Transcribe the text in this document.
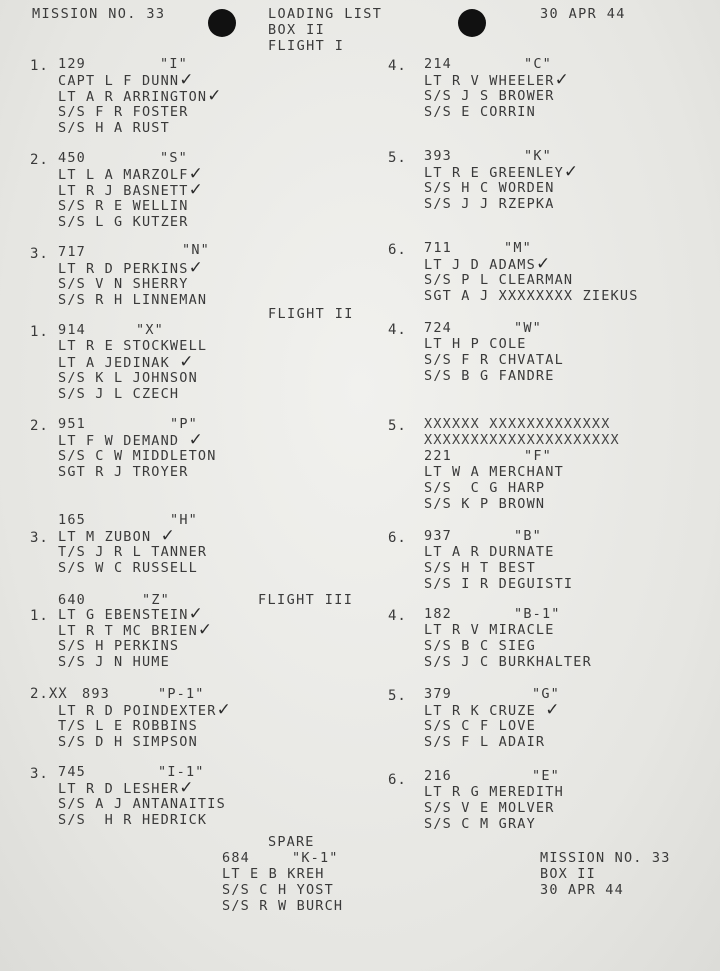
MISSION NO. 33	LOADING LIST
BOX II
FLIGHT I
30 APR 44
FLIGHT II
FLIGHT III
1. 129	"I"
CAPT L F DUNN✓
LT A R ARRINGTON✓
S/S F R FOSTER
S/S H A RUST
2. 450	"S"
LT L A MARZOLF✓
LT R J BASNETT✓
S/S R E WELLIN
S/S L G KUTZER
3. 717	"N"
LT R D PERKINS✓
S/S V N SHERRY
S/S R H LINNEMAN
4. 214	"C"
LT R V WHEELER✓
S/S J S BROWER
S/S E CORRIN
5. 393	"K"
LT R E GREENLEY✓
S/S H C WORDEN
S/S J J RZEPKA
6. 711	"M"
LT J D ADAMS✓
S/S P L CLEARMAN
SGT A J XXXXXXXX ZIEKUS
1. 914	"X"
LT R E STOCKWELL
LT A JEDINAK ✓
S/S K L JOHNSON
S/S J L CZECH
2. 951	"P"
LT F W DEMAND ✓
S/S C W MIDDLETON
SGT R J TROYER
165	"H"
3. LT M ZUBON ✓
T/S J R L TANNER
S/S W C RUSSELL
4. 724	"W"
LT H P COLE
S/S F R CHVATAL
S/S B G FANDRE
5. XXXXXX XXXXXXXXXXXXX
XXXXXXXXXXXXXXXXXXXXX
221	"F"
LT W A MERCHANT
S/S  C G HARP
S/S K P BROWN
6. 937	"B"
LT A R DURNATE
S/S H T BEST
S/S I R DEGUISTI
640	"Z"
1. LT G EBENSTEIN✓
LT R T MC BRIEN✓
S/S H PERKINS
S/S J N HUME
2.XX 893	"P-1"
LT R D POINDEXTER✓
T/S L E ROBBINS
S/S D H SIMPSON
3. 745	"I-1"
LT R D LESHER✓
S/S A J ANTANAITIS
S/S  H R HEDRICK
4. 182	"B-1"
LT R V MIRACLE
S/S B C SIEG
S/S J C BURKHALTER
5. 379	"G"
LT R K CRUZE ✓
S/S C F LOVE
S/S F L ADAIR
6. 216	"E"
LT R G MEREDITH
S/S V E MOLVER
S/S C M GRAY
SPARE
684	"K-1"
LT E B KREH
S/S C H YOST
S/S R W BURCH
MISSION NO. 33
BOX II
30 APR 44
